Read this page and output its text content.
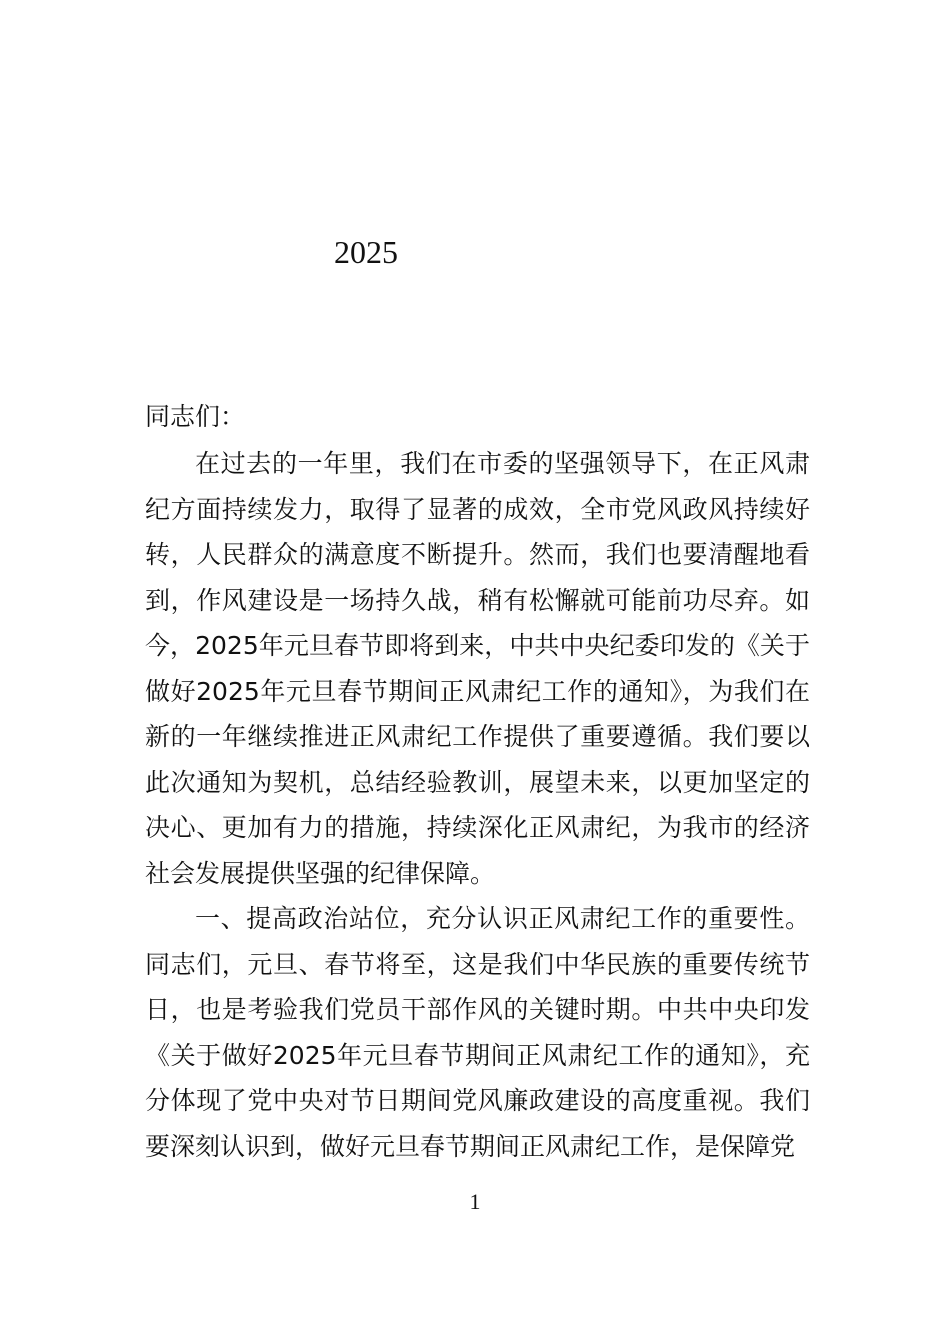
2025

同志们：

在过去的一年里，我们在市委的坚强领导下，在正风肃纪方面持续发力，取得了显著的成效，全市党风政风持续好转，人民群众的满意度不断提升。然而，我们也要清醒地看到，作风建设是一场持久战，稍有松懈就可能前功尽弃。如今，2025年元旦春节即将到来，中共中央纪委印发的《关于做好2025年元旦春节期间正风肃纪工作的通知》，为我们在新的一年继续推进正风肃纪工作提供了重要遵循。我们要以此次通知为契机，总结经验教训，展望未来，以更加坚定的决心、更加有力的措施，持续深化正风肃纪，为我市的经济社会发展提供坚强的纪律保障。

一、提高政治站位，充分认识正风肃纪工作的重要性。同志们，元旦、春节将至，这是我们中华民族的重要传统节日，也是考验我们党员干部作风的关键时期。中共中央印发《关于做好2025年元旦春节期间正风肃纪工作的通知》，充分体现了党中央对节日期间党风廉政建设的高度重视。我们要深刻认识到，做好元旦春节期间正风肃纪工作，是保障党

1
